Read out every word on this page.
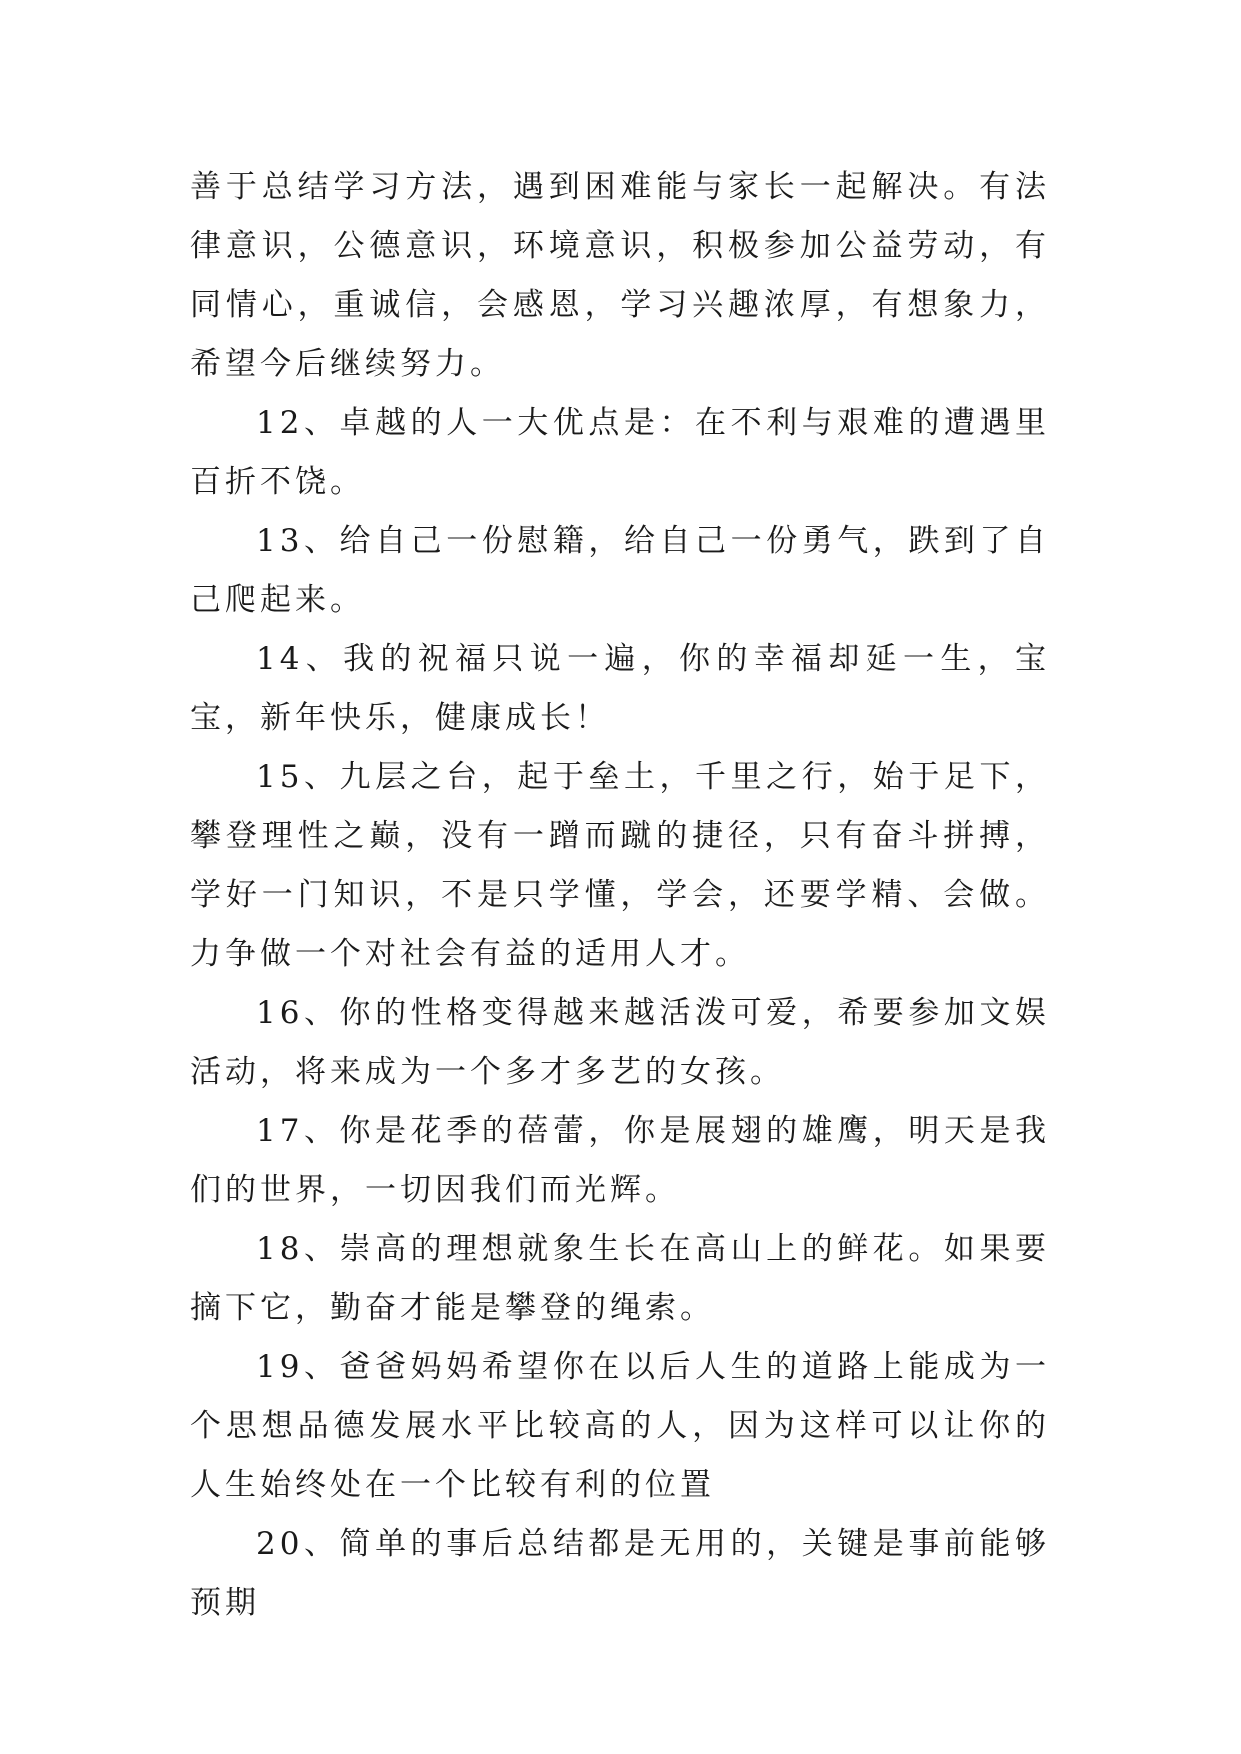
善于总结学习方法，遇到困难能与家长一起解决。有法律意识，公德意识，环境意识，积极参加公益劳动，有同情心，重诚信，会感恩，学习兴趣浓厚，有想象力，希望今后继续努力。

12、卓越的人一大优点是：在不利与艰难的遭遇里百折不饶。

13、给自己一份慰籍，给自己一份勇气，跌到了自己爬起来。

14、我的祝福只说一遍，你的幸福却延一生，宝宝，新年快乐，健康成长！

15、九层之台，起于垒土，千里之行，始于足下，攀登理性之巅，没有一蹭而蹴的捷径，只有奋斗拼搏，学好一门知识，不是只学懂，学会，还要学精、会做。力争做一个对社会有益的适用人才。

16、你的性格变得越来越活泼可爱，希要参加文娱活动，将来成为一个多才多艺的女孩。

17、你是花季的蓓蕾，你是展翅的雄鹰，明天是我们的世界，一切因我们而光辉。

18、崇高的理想就象生长在高山上的鲜花。如果要摘下它，勤奋才能是攀登的绳索。

19、爸爸妈妈希望你在以后人生的道路上能成为一个思想品德发展水平比较高的人，因为这样可以让你的人生始终处在一个比较有利的位置

20、简单的事后总结都是无用的，关键是事前能够预期
